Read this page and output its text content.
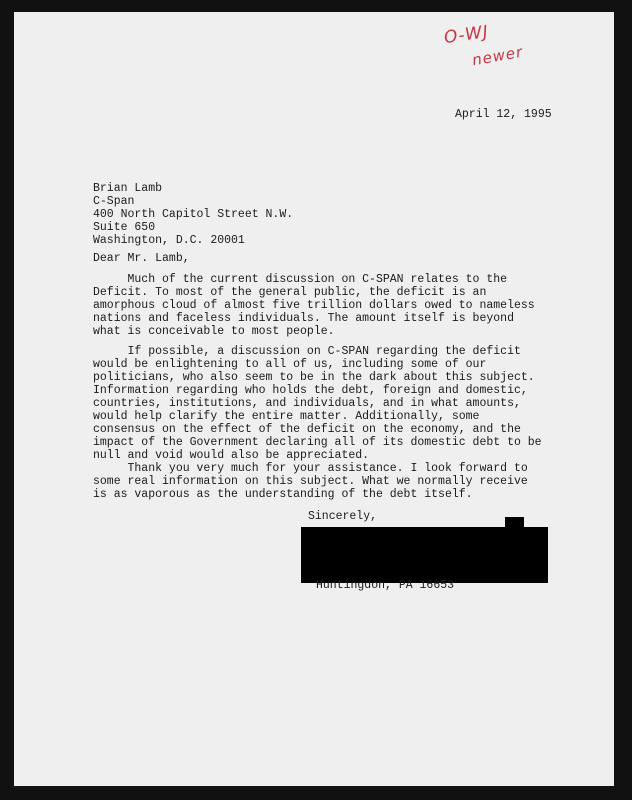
O-WJ
newer
April 12, 1995
Brian Lamb
C-Span
400 North Capitol Street N.W.
Suite 650
Washington, D.C. 20001
Dear Mr. Lamb,
Much of the current discussion on C-SPAN relates to the
Deficit. To most of the general public, the deficit is an
amorphous cloud of almost five trillion dollars owed to nameless
nations and faceless individuals. The amount itself is beyond
what is conceivable to most people.
If possible, a discussion on C-SPAN regarding the deficit
would be enlightening to all of us, including some of our
politicians, who also seem to be in the dark about this subject.
Information regarding who holds the debt, foreign and domestic,
countries, institutions, and individuals, and in what amounts,
would help clarify the entire matter. Additionally, some
consensus on the effect of the deficit on the economy, and the
impact of the Government declaring all of its domestic debt to be
null and void would also be appreciated.
Thank you very much for your assistance. I look forward to
some real information on this subject. What we normally receive
is as vaporous as the understanding of the debt itself.
Sincerely,
Huntingdon, PA 16653
